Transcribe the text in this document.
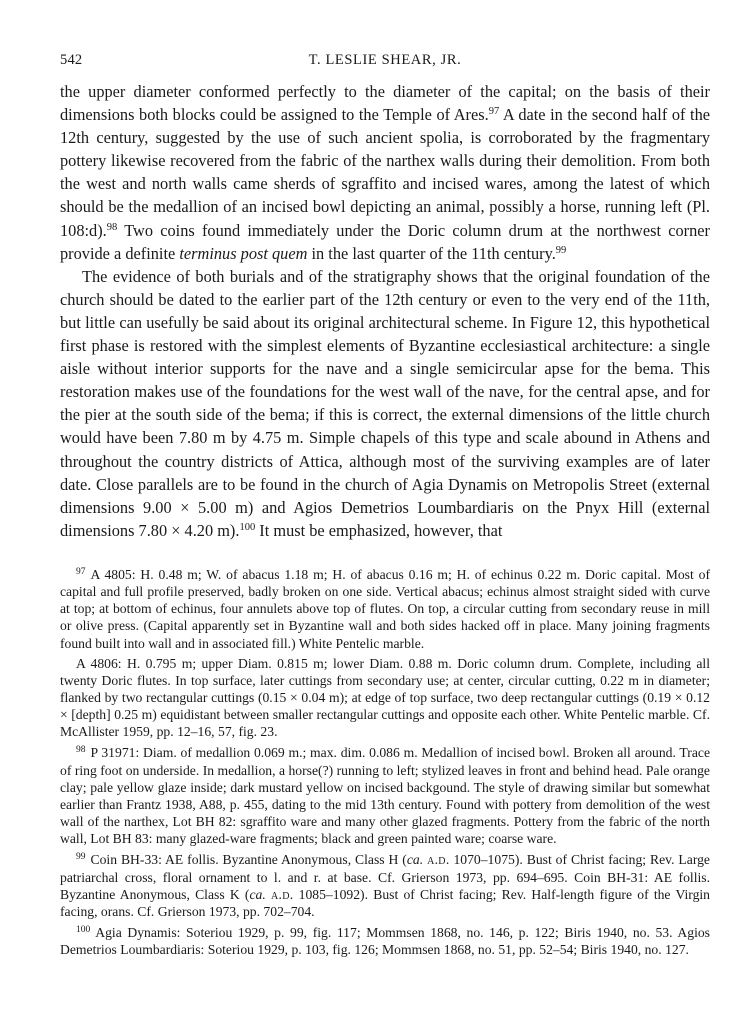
542	T. LESLIE SHEAR, JR.

the upper diameter conformed perfectly to the diameter of the capital; on the basis of their dimensions both blocks could be assigned to the Temple of Ares.$^{97}$ A date in the second half of the 12th century, suggested by the use of such ancient spolia, is corroborated by the fragmentary pottery likewise recovered from the fabric of the narthex walls during their demolition. From both the west and north walls came sherds of sgraffito and incised wares, among the latest of which should be the medallion of an incised bowl depicting an animal, possibly a horse, running left (Pl. 108:d).$^{98}$ Two coins found immediately under the Doric column drum at the northwest corner provide a definite terminus post quem in the last quarter of the 11th century.$^{99}$

The evidence of both burials and of the stratigraphy shows that the original foundation of the church should be dated to the earlier part of the 12th century or even to the very end of the 11th, but little can usefully be said about its original architectural scheme. In Figure 12, this hypothetical first phase is restored with the simplest elements of Byzantine ecclesiastical architecture: a single aisle without interior supports for the nave and a single semicircular apse for the bema. This restoration makes use of the foundations for the west wall of the nave, for the central apse, and for the pier at the south side of the bema; if this is correct, the external dimensions of the little church would have been 7.80 m by 4.75 m. Simple chapels of this type and scale abound in Athens and throughout the country districts of Attica, although most of the surviving examples are of later date. Close parallels are to be found in the church of Agia Dynamis on Metropolis Street (external dimensions 9.00 × 5.00 m) and Agios Demetrios Loumbardiaris on the Pnyx Hill (external dimensions 7.80 × 4.20 m).$^{100}$ It must be emphasized, however, that

$^{97}$ A 4805: H. 0.48 m; W. of abacus 1.18 m; H. of abacus 0.16 m; H. of echinus 0.22 m. Doric capital. Most of capital and full profile preserved, badly broken on one side. Vertical abacus; echinus almost straight sided with curve at top; at bottom of echinus, four annulets above top of flutes. On top, a circular cutting from secondary reuse in mill or olive press. (Capital apparently set in Byzantine wall and both sides hacked off in place. Many joining fragments found built into wall and in associated fill.) White Pentelic marble.

A 4806: H. 0.795 m; upper Diam. 0.815 m; lower Diam. 0.88 m. Doric column drum. Complete, including all twenty Doric flutes. In top surface, later cuttings from secondary use; at center, circular cutting, 0.22 m in diameter; flanked by two rectangular cuttings (0.15 × 0.04 m); at edge of top surface, two deep rectangular cuttings (0.19 × 0.12 × [depth] 0.25 m) equidistant between smaller rectangular cuttings and opposite each other. White Pentelic marble. Cf. McAllister 1959, pp. 12–16, 57, fig. 23.

$^{98}$ P 31971: Diam. of medallion 0.069 m.; max. dim. 0.086 m. Medallion of incised bowl. Broken all around. Trace of ring foot on underside. In medallion, a horse(?) running to left; stylized leaves in front and behind head. Pale orange clay; pale yellow glaze inside; dark mustard yellow on incised backgound. The style of drawing similar but somewhat earlier than Frantz 1938, A88, p. 455, dating to the mid 13th century. Found with pottery from demolition of the west wall of the narthex, Lot BH 82: sgraffito ware and many other glazed fragments. Pottery from the fabric of the north wall, Lot BH 83: many glazed-ware fragments; black and green painted ware; coarse ware.

$^{99}$ Coin BH-33: AE follis. Byzantine Anonymous, Class H (ca. a.d. 1070–1075). Bust of Christ facing; Rev. Large patriarchal cross, floral ornament to l. and r. at base. Cf. Grierson 1973, pp. 694–695. Coin BH-31: AE follis. Byzantine Anonymous, Class K (ca. a.d. 1085–1092). Bust of Christ facing; Rev. Half-length figure of the Virgin facing, orans. Cf. Grierson 1973, pp. 702–704.

$^{100}$ Agia Dynamis: Soteriou 1929, p. 99, fig. 117; Mommsen 1868, no. 146, p. 122; Biris 1940, no. 53. Agios Demetrios Loumbardiaris: Soteriou 1929, p. 103, fig. 126; Mommsen 1868, no. 51, pp. 52–54; Biris 1940, no. 127.
